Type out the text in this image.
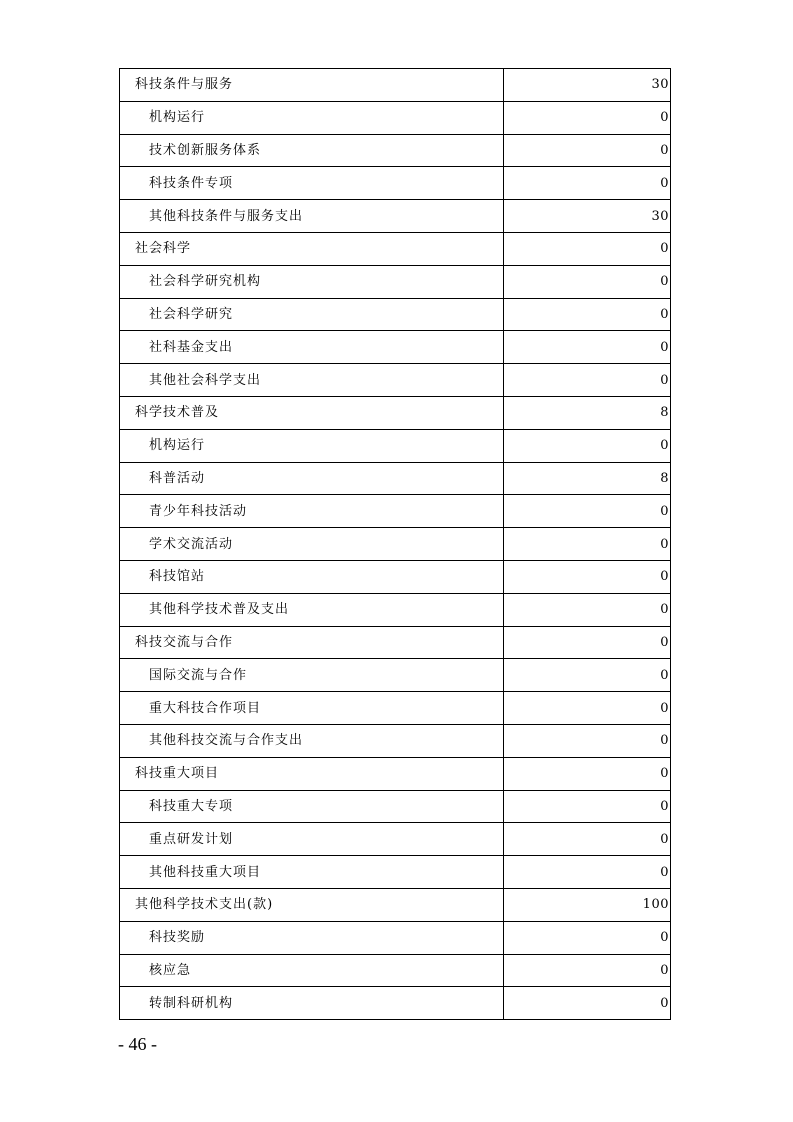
科技条件与服务	30
机构运行	0
技术创新服务体系	0
科技条件专项	0
其他科技条件与服务支出	30
社会科学	0
社会科学研究机构	0
社会科学研究	0
社科基金支出	0
其他社会科学支出	0
科学技术普及	8
机构运行	0
科普活动	8
青少年科技活动	0
学术交流活动	0
科技馆站	0
其他科学技术普及支出	0
科技交流与合作	0
国际交流与合作	0
重大科技合作项目	0
其他科技交流与合作支出	0
科技重大项目	0
科技重大专项	0
重点研发计划	0
其他科技重大项目	0
其他科学技术支出(款)	100
科技奖励	0
核应急	0
转制科研机构	0
- 46 -
